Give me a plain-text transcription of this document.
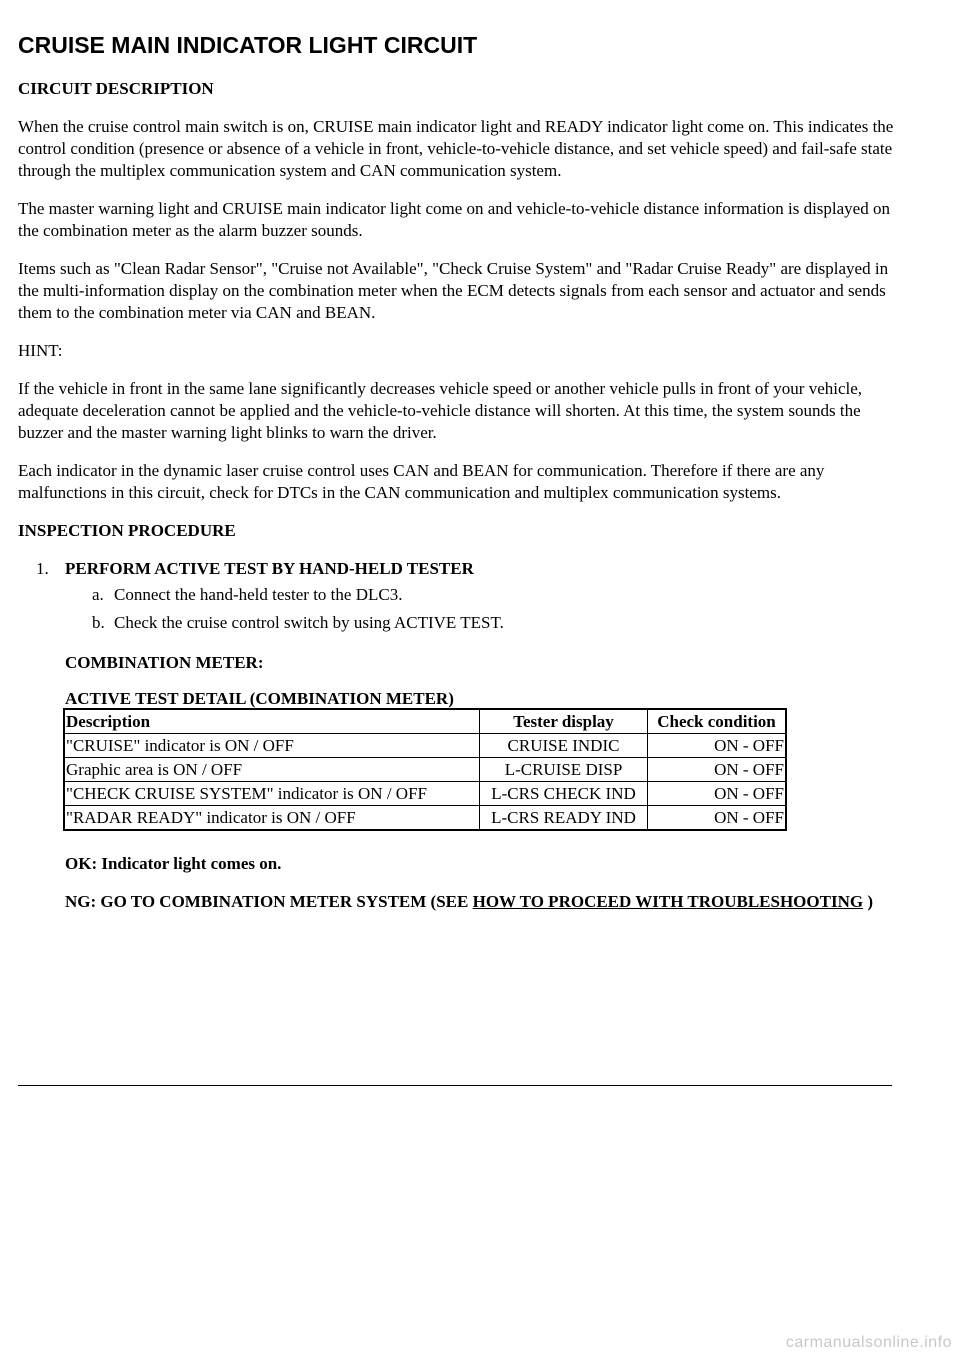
CRUISE MAIN INDICATOR LIGHT CIRCUIT
CIRCUIT DESCRIPTION
When the cruise control main switch is on, CRUISE main indicator light and READY indicator light come on. This indicates the control condition (presence or absence of a vehicle in front, vehicle-to-vehicle distance, and set vehicle speed) and fail-safe state through the multiplex communication system and CAN communication system.
The master warning light and CRUISE main indicator light come on and vehicle-to-vehicle distance information is displayed on the combination meter as the alarm buzzer sounds.
Items such as "Clean Radar Sensor", "Cruise not Available", "Check Cruise System" and "Radar Cruise Ready" are displayed in the multi-information display on the combination meter when the ECM detects signals from each sensor and actuator and sends them to the combination meter via CAN and BEAN.
HINT:
If the vehicle in front in the same lane significantly decreases vehicle speed or another vehicle pulls in front of your vehicle, adequate deceleration cannot be applied and the vehicle-to-vehicle distance will shorten. At this time, the system sounds the buzzer and the master warning light blinks to warn the driver.
Each indicator in the dynamic laser cruise control uses CAN and BEAN for communication. Therefore if there are any malfunctions in this circuit, check for DTCs in the CAN communication and multiplex communication systems.
INSPECTION PROCEDURE
1. PERFORM ACTIVE TEST BY HAND-HELD TESTER
a. Connect the hand-held tester to the DLC3.
b. Check the cruise control switch by using ACTIVE TEST.
COMBINATION METER:
ACTIVE TEST DETAIL (COMBINATION METER)
Description	Tester display	Check condition
"CRUISE" indicator is ON / OFF	CRUISE INDIC	ON - OFF
Graphic area is ON / OFF	L-CRUISE DISP	ON - OFF
"CHECK CRUISE SYSTEM" indicator is ON / OFF	L-CRS CHECK IND	ON - OFF
"RADAR READY" indicator is ON / OFF	L-CRS READY IND	ON - OFF
OK: Indicator light comes on.
NG: GO TO COMBINATION METER SYSTEM (SEE HOW TO PROCEED WITH TROUBLESHOOTING )
carmanualsonline.info
